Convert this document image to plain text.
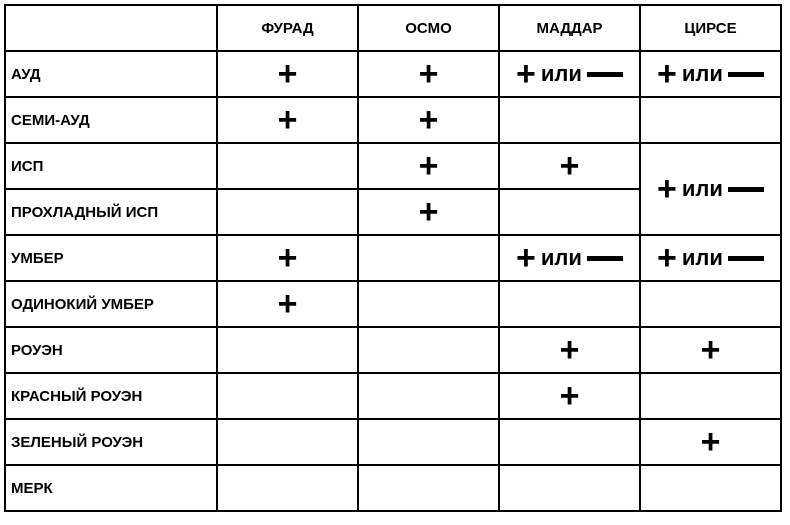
	ФУРАД	ОСМО	МАДДАР	ЦИРСЕ
АУД	+	+	+ или	+ или

СЕМИ-АУД	+	+		
ИСП		+	+	+ или

ПРОХЛАДНЫЙ ИСП		+		
УМБЕР	+		+ или	+ или

ОДИНОКИЙ УМБЕР	+			
РОУЭН			+	+
КРАСНЫЙ РОУЭН			+	
ЗЕЛЕНЫЙ РОУЭН				+
МЕРК				
